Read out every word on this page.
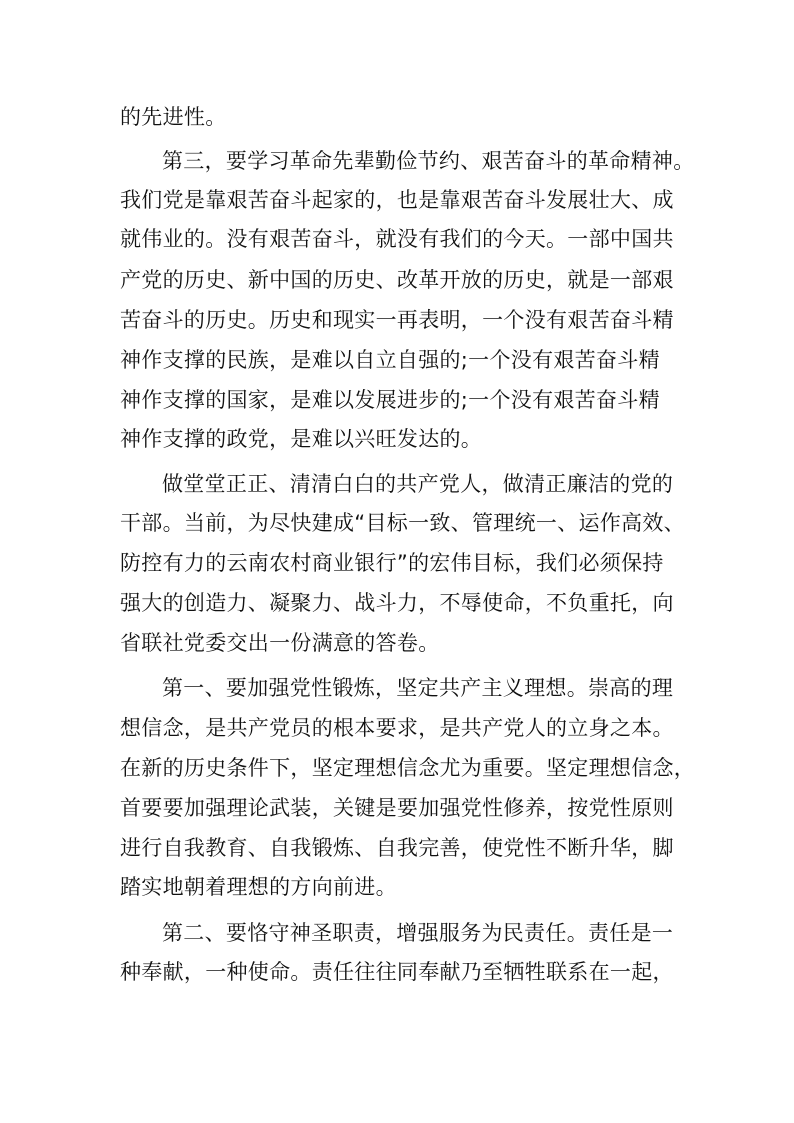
的先进性。
第三，要学习革命先辈勤俭节约、艰苦奋斗的革命精神。
我们党是靠艰苦奋斗起家的，也是靠艰苦奋斗发展壮大、成
就伟业的。没有艰苦奋斗，就没有我们的今天。一部中国共
产党的历史、新中国的历史、改革开放的历史，就是一部艰
苦奋斗的历史。历史和现实一再表明，一个没有艰苦奋斗精
神作支撑的民族，是难以自立自强的;一个没有艰苦奋斗精
神作支撑的国家，是难以发展进步的;一个没有艰苦奋斗精
神作支撑的政党，是难以兴旺发达的。
做堂堂正正、清清白白的共产党人，做清正廉洁的党的
干部。当前，为尽快建成“目标一致、管理统一、运作高效、
防控有力的云南农村商业银行”的宏伟目标，我们必须保持
强大的创造力、凝聚力、战斗力，不辱使命，不负重托，向
省联社党委交出一份满意的答卷。
第一、要加强党性锻炼，坚定共产主义理想。崇高的理
想信念，是共产党员的根本要求，是共产党人的立身之本。
在新的历史条件下，坚定理想信念尤为重要。坚定理想信念，
首要要加强理论武装，关键是要加强党性修养，按党性原则
进行自我教育、自我锻炼、自我完善，使党性不断升华，脚
踏实地朝着理想的方向前进。
第二、要恪守神圣职责，增强服务为民责任。责任是一
种奉献，一种使命。责任往往同奉献乃至牺牲联系在一起，
